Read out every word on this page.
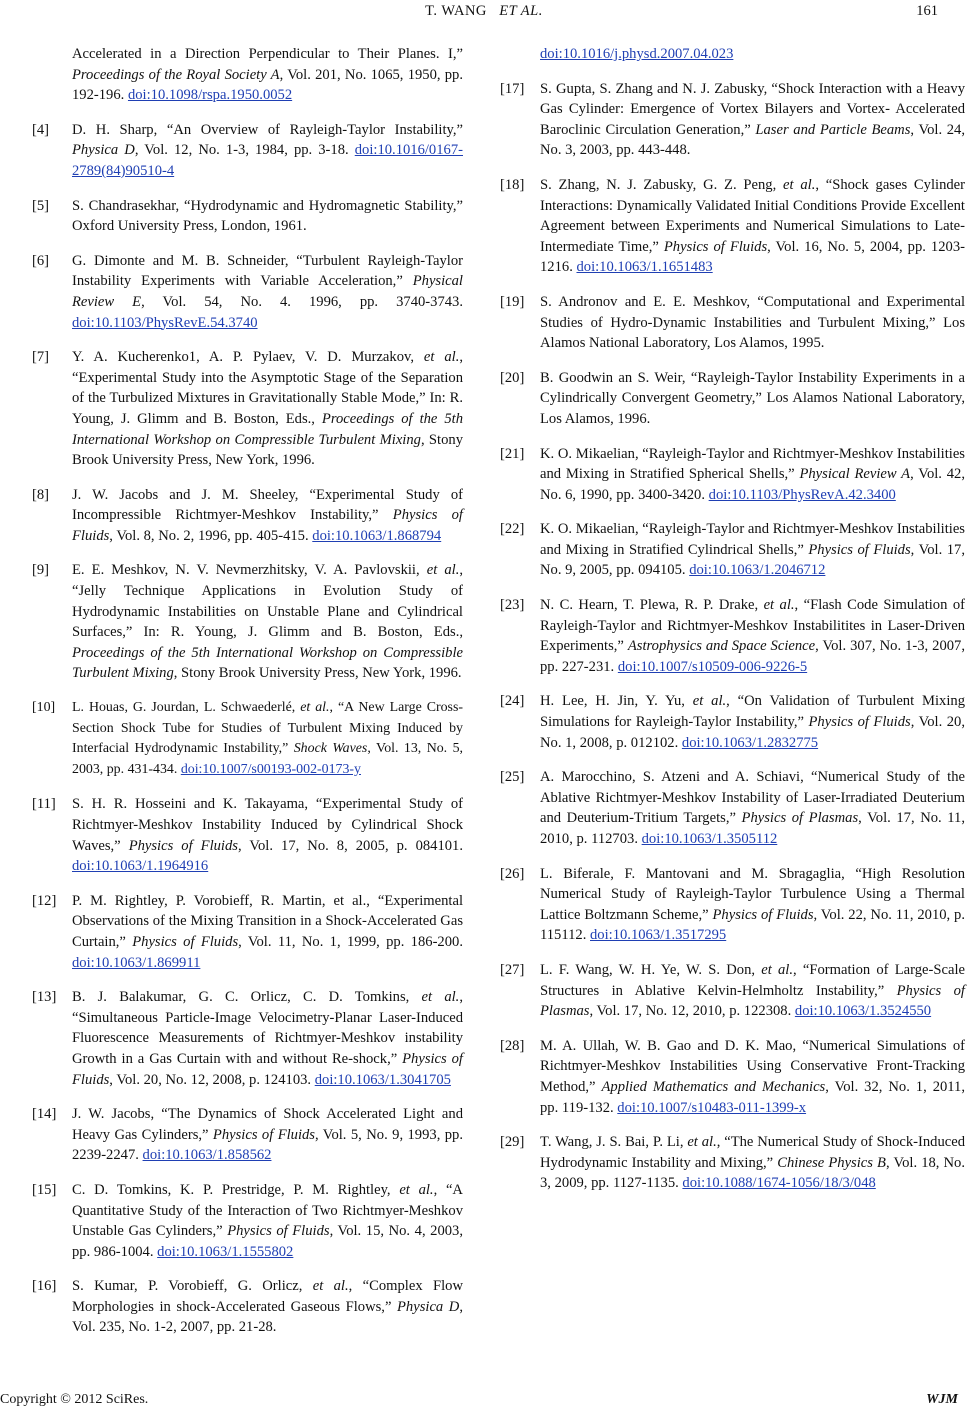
T. WANG ET AL.	161
Accelerated in a Direction Perpendicular to Their Planes. I,” Proceedings of the Royal Society A, Vol. 201, No. 1065, 1950, pp. 192-196. doi:10.1098/rspa.1950.0052
[4] D. H. Sharp, “An Overview of Rayleigh-Taylor Instability,” Physica D, Vol. 12, No. 1-3, 1984, pp. 3-18. doi:10.1016/0167-2789(84)90510-4
[5] S. Chandrasekhar, “Hydrodynamic and Hydromagnetic Stability,” Oxford University Press, London, 1961.
[6] G. Dimonte and M. B. Schneider, “Turbulent Rayleigh-Taylor Instability Experiments with Variable Acceleration,” Physical Review E, Vol. 54, No. 4. 1996, pp. 3740-3743. doi:10.1103/PhysRevE.54.3740
[7] Y. A. Kucherenko1, A. P. Pylaev, V. D. Murzakov, et al., “Experimental Study into the Asymptotic Stage of the Separation of the Turbulized Mixtures in Gravitationally Stable Mode,” In: R. Young, J. Glimm and B. Boston, Eds., Proceedings of the 5th International Workshop on Compressible Turbulent Mixing, Stony Brook University Press, New York, 1996.
[8] J. W. Jacobs and J. M. Sheeley, “Experimental Study of Incompressible Richtmyer-Meshkov Instability,” Physics of Fluids, Vol. 8, No. 2, 1996, pp. 405-415. doi:10.1063/1.868794
[9] E. E. Meshkov, N. V. Nevmerzhitsky, V. A. Pavlovskii, et al., “Jelly Technique Applications in Evolution Study of Hydrodynamic Instabilities on Unstable Plane and Cylindrical Surfaces,” In: R. Young, J. Glimm and B. Boston, Eds., Proceedings of the 5th International Workshop on Compressible Turbulent Mixing, Stony Brook University Press, New York, 1996.
[10] L. Houas, G. Jourdan, L. Schwaederlé, et al., “A New Large Cross-Section Shock Tube for Studies of Turbulent Mixing Induced by Interfacial Hydrodynamic Instability,” Shock Waves, Vol. 13, No. 5, 2003, pp. 431-434. doi:10.1007/s00193-002-0173-y
[11] S. H. R. Hosseini and K. Takayama, “Experimental Study of Richtmyer-Meshkov Instability Induced by Cylindrical Shock Waves,” Physics of Fluids, Vol. 17, No. 8, 2005, p. 084101. doi:10.1063/1.1964916
[12] P. M. Rightley, P. Vorobieff, R. Martin, et al., “Experimental Observations of the Mixing Transition in a Shock-Accelerated Gas Curtain,” Physics of Fluids, Vol. 11, No. 1, 1999, pp. 186-200. doi:10.1063/1.869911
[13] B. J. Balakumar, G. C. Orlicz, C. D. Tomkins, et al., “Simultaneous Particle-Image Velocimetry-Planar Laser-Induced Fluorescence Measurements of Richtmyer-Meshkov instability Growth in a Gas Curtain with and without Re-shock,” Physics of Fluids, Vol. 20, No. 12, 2008, p. 124103. doi:10.1063/1.3041705
[14] J. W. Jacobs, “The Dynamics of Shock Accelerated Light and Heavy Gas Cylinders,” Physics of Fluids, Vol. 5, No. 9, 1993, pp. 2239-2247. doi:10.1063/1.858562
[15] C. D. Tomkins, K. P. Prestridge, P. M. Rightley, et al., “A Quantitative Study of the Interaction of Two Richtmyer-Meshkov Unstable Gas Cylinders,” Physics of Fluids, Vol. 15, No. 4, 2003, pp. 986-1004. doi:10.1063/1.1555802
[16] S. Kumar, P. Vorobieff, G. Orlicz, et al., “Complex Flow Morphologies in shock-Accelerated Gaseous Flows,” Physica D, Vol. 235, No. 1-2, 2007, pp. 21-28.
doi:10.1016/j.physd.2007.04.023
[17] S. Gupta, S. Zhang and N. J. Zabusky, “Shock Interaction with a Heavy Gas Cylinder: Emergence of Vortex Bilayers and Vortex- Accelerated Baroclinic Circulation Generation,” Laser and Particle Beams, Vol. 24, No. 3, 2003, pp. 443-448.
[18] S. Zhang, N. J. Zabusky, G. Z. Peng, et al., “Shock gases Cylinder Interactions: Dynamically Validated Initial Conditions Provide Excellent Agreement between Experiments and Numerical Simulations to Late-Intermediate Time,” Physics of Fluids, Vol. 16, No. 5, 2004, pp. 1203-1216. doi:10.1063/1.1651483
[19] S. Andronov and E. E. Meshkov, “Computational and Experimental Studies of Hydro-Dynamic Instabilities and Turbulent Mixing,” Los Alamos National Laboratory, Los Alamos, 1995.
[20] B. Goodwin an S. Weir, “Rayleigh-Taylor Instability Experiments in a Cylindrically Convergent Geometry,” Los Alamos National Laboratory, Los Alamos, 1996.
[21] K. O. Mikaelian, “Rayleigh-Taylor and Richtmyer-Meshkov Instabilities and Mixing in Stratified Spherical Shells,” Physical Review A, Vol. 42, No. 6, 1990, pp. 3400-3420. doi:10.1103/PhysRevA.42.3400
[22] K. O. Mikaelian, “Rayleigh-Taylor and Richtmyer-Meshkov Instabilities and Mixing in Stratified Cylindrical Shells,” Physics of Fluids, Vol. 17, No. 9, 2005, pp. 094105. doi:10.1063/1.2046712
[23] N. C. Hearn, T. Plewa, R. P. Drake, et al., “Flash Code Simulation of Rayleigh-Taylor and Richtmyer-Meshkov Instabilitites in Laser-Driven Experiments,” Astrophysics and Space Science, Vol. 307, No. 1-3, 2007, pp. 227-231. doi:10.1007/s10509-006-9226-5
[24] H. Lee, H. Jin, Y. Yu, et al., “On Validation of Turbulent Mixing Simulations for Rayleigh-Taylor Instability,” Physics of Fluids, Vol. 20, No. 1, 2008, p. 012102. doi:10.1063/1.2832775
[25] A. Marocchino, S. Atzeni and A. Schiavi, “Numerical Study of the Ablative Richtmyer-Meshkov Instability of Laser-Irradiated Deuterium and Deuterium-Tritium Targets,” Physics of Plasmas, Vol. 17, No. 11, 2010, p. 112703. doi:10.1063/1.3505112
[26] L. Biferale, F. Mantovani and M. Sbragaglia, “High Resolution Numerical Study of Rayleigh-Taylor Turbulence Using a Thermal Lattice Boltzmann Scheme,” Physics of Fluids, Vol. 22, No. 11, 2010, p. 115112. doi:10.1063/1.3517295
[27] L. F. Wang, W. H. Ye, W. S. Don, et al., “Formation of Large-Scale Structures in Ablative Kelvin-Helmholtz Instability,” Physics of Plasmas, Vol. 17, No. 12, 2010, p. 122308. doi:10.1063/1.3524550
[28] M. A. Ullah, W. B. Gao and D. K. Mao, “Numerical Simulations of Richtmyer-Meshkov Instabilities Using Conservative Front-Tracking Method,” Applied Mathematics and Mechanics, Vol. 32, No. 1, 2011, pp. 119-132. doi:10.1007/s10483-011-1399-x
[29] T. Wang, J. S. Bai, P. Li, et al., “The Numerical Study of Shock-Induced Hydrodynamic Instability and Mixing,” Chinese Physics B, Vol. 18, No. 3, 2009, pp. 1127-1135. doi:10.1088/1674-1056/18/3/048
Copyright © 2012 SciRes.	WJM
